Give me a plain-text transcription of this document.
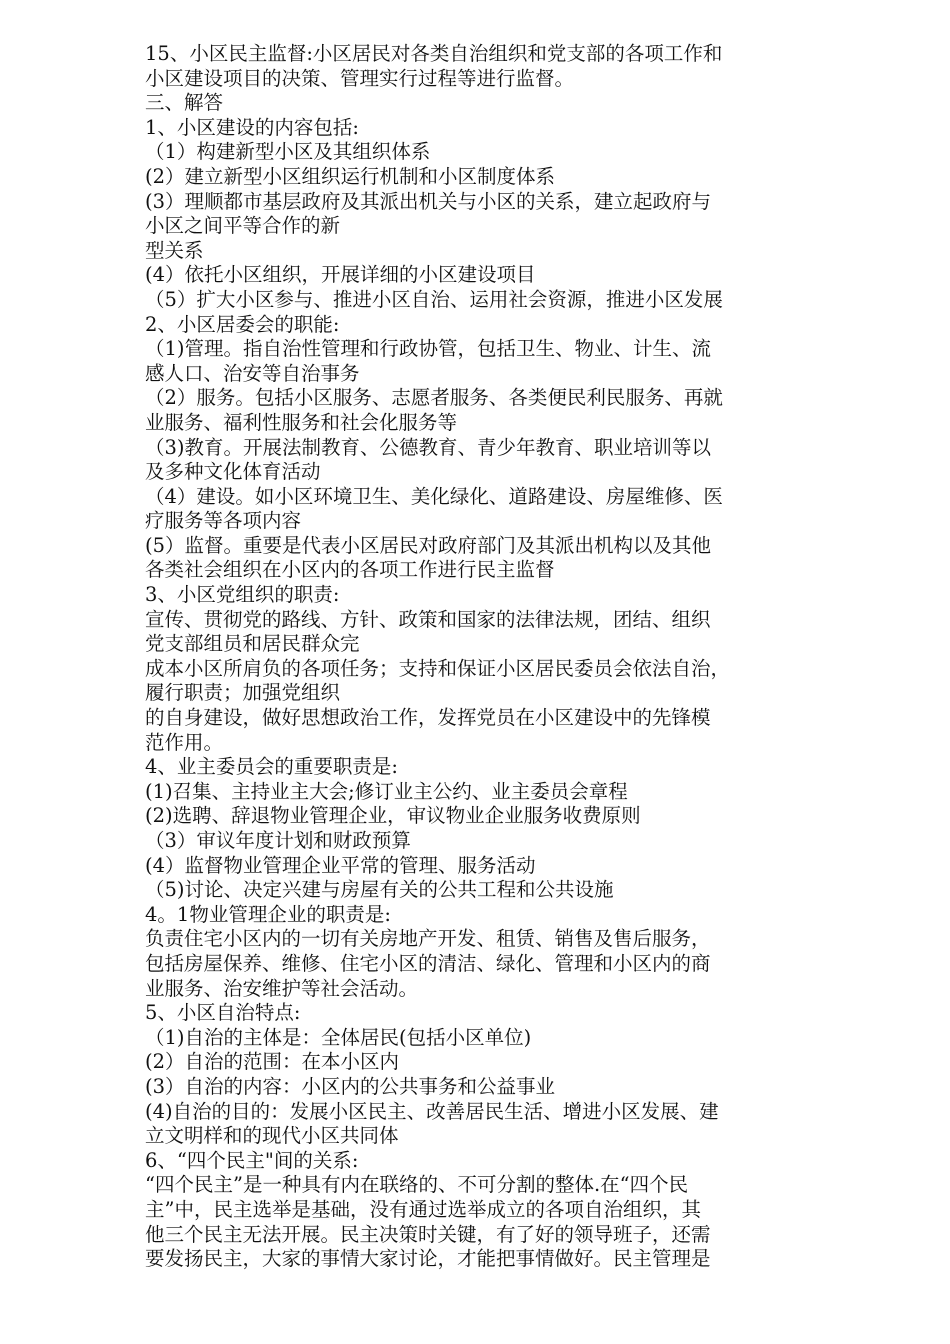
15、小区民主监督:小区居民对各类自治组织和党支部的各项工作和
小区建设项目的决策、管理实行过程等进行监督。
三、解答
1、小区建设的内容包括:
（1）构建新型小区及其组织体系
(2）建立新型小区组织运行机制和小区制度体系
(3）理顺都市基层政府及其派出机关与小区的关系，建立起政府与
小区之间平等合作的新
型关系
(4）依托小区组织，开展详细的小区建设项目
（5）扩大小区参与、推进小区自治、运用社会资源，推进小区发展
2、小区居委会的职能:
（1)管理。指自治性管理和行政协管，包括卫生、物业、计生、流
感人口、治安等自治事务
（2）服务。包括小区服务、志愿者服务、各类便民利民服务、再就
业服务、福利性服务和社会化服务等
（3)教育。开展法制教育、公德教育、青少年教育、职业培训等以
及多种文化体育活动
（4）建设。如小区环境卫生、美化绿化、道路建设、房屋维修、医
疗服务等各项内容
(5）监督。重要是代表小区居民对政府部门及其派出机构以及其他
各类社会组织在小区内的各项工作进行民主监督
3、小区党组织的职责:
宣传、贯彻党的路线、方针、政策和国家的法律法规，团结、组织
党支部组员和居民群众完
成本小区所肩负的各项任务；支持和保证小区居民委员会依法自治，
履行职责；加强党组织
的自身建设，做好思想政治工作，发挥党员在小区建设中的先锋模
范作用。
4、业主委员会的重要职责是:
(1)召集、主持业主大会;修订业主公约、业主委员会章程
(2)选聘、辞退物业管理企业，审议物业企业服务收费原则
（3）审议年度计划和财政预算
(4）监督物业管理企业平常的管理、服务活动
（5)讨论、决定兴建与房屋有关的公共工程和公共设施
4。1物业管理企业的职责是:
负责住宅小区内的一切有关房地产开发、租赁、销售及售后服务，
包括房屋保养、维修、住宅小区的清洁、绿化、管理和小区内的商
业服务、治安维护等社会活动。
5、小区自治特点:
（1)自治的主体是：全体居民(包括小区单位)
(2）自治的范围：在本小区内
(3）自治的内容：小区内的公共事务和公益事业
(4)自治的目的：发展小区民主、改善居民生活、增进小区发展、建
立文明样和的现代小区共同体
6、“四个民主"间的关系:
“四个民主”是一种具有内在联络的、不可分割的整体.在“四个民
主”中，民主选举是基础，没有通过选举成立的各项自治组织，其
他三个民主无法开展。民主决策时关键，有了好的领导班子，还需
要发扬民主，大家的事情大家讨论，才能把事情做好。民主管理是
